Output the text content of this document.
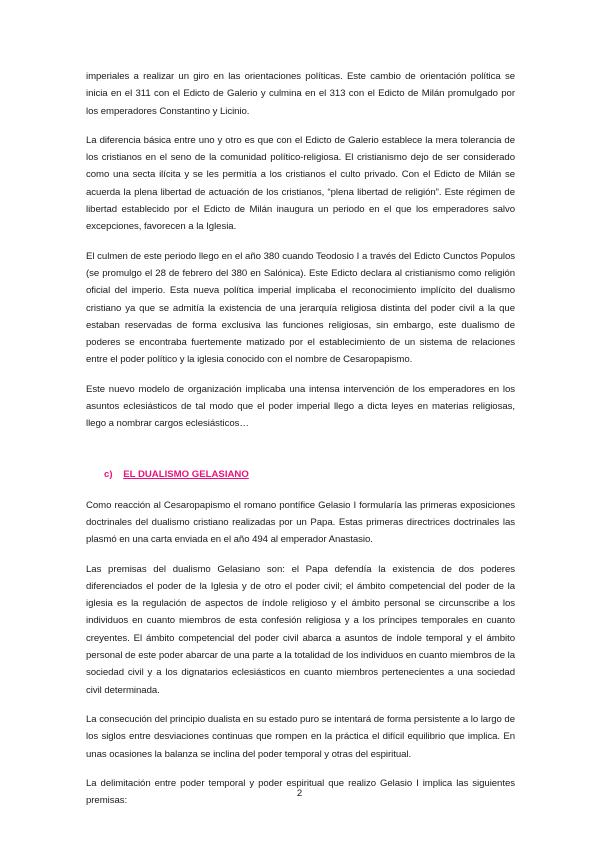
imperiales a realizar un giro en las orientaciones políticas. Este cambio de orientación política se inicia en el 311 con el Edicto de Galerio y culmina en el 313 con el Edicto de Milán promulgado por los emperadores Constantino y Licinio.

La diferencia básica entre uno y otro es que con el Edicto de Galerio establece la mera tolerancia de los cristianos en el seno de la comunidad político-religiosa. El cristianismo dejo de ser considerado como una secta ilícita y se les permitía a los cristianos el culto privado. Con el Edicto de Milán se acuerda la plena libertad de actuación de los cristianos, “plena libertad de religión”. Este régimen de libertad establecido por el Edicto de Milán inaugura un periodo en el que los emperadores salvo excepciones, favorecen a la Iglesia.

El culmen de este periodo llego en el año 380 cuando Teodosio I a través del Edicto Cunctos Populos (se promulgo el 28 de febrero del 380 en Salónica). Este Edicto declara al cristianismo como religión oficial del imperio. Esta nueva política imperial implicaba el reconocimiento implícito del dualismo cristiano ya que se admitía la existencia de una jerarquía religiosa distinta del poder civil a la que estaban reservadas de forma exclusiva las funciones religiosas, sin embargo, este dualismo de poderes se encontraba fuertemente matizado por el establecimiento de un sistema de relaciones entre el poder político y la iglesia conocido con el nombre de Cesaropapismo.

Este nuevo modelo de organización implicaba una intensa intervención de los emperadores en los asuntos eclesiásticos de tal modo que el poder imperial llego a dicta leyes en materias religiosas, llego a nombrar cargos eclesiásticos…

c) EL DUALISMO GELASIANO

Como reacción al Cesaropapismo el romano pontífice Gelasio I formularía las primeras exposiciones doctrinales del dualismo cristiano realizadas por un Papa. Estas primeras directrices doctrinales las plasmó en una carta enviada en el año 494 al emperador Anastasio.

Las premisas del dualismo Gelasiano son: el Papa defendía la existencia de dos poderes diferenciados el poder de la Iglesia y de otro el poder civil; el ámbito competencial del poder de la iglesia es la regulación de aspectos de índole religioso y el ámbito personal se circunscribe a los individuos en cuanto miembros de esta confesión religiosa y a los príncipes temporales en cuanto creyentes. El ámbito competencial del poder civil abarca a asuntos de índole temporal y el ámbito personal de este poder abarcar de una parte a la totalidad de los individuos en cuanto miembros de la sociedad civil y a los dignatarios eclesiásticos en cuanto miembros pertenecientes a una sociedad civil determinada.

La consecución del principio dualista en su estado puro se intentará de forma persistente a lo largo de los siglos entre desviaciones continuas que rompen en la práctica el difícil equilibrio que implica. En unas ocasiones la balanza se inclina del poder temporal y otras del espiritual.

La delimitación entre poder temporal y poder espiritual que realizo Gelasio I implica las siguientes premisas:

2
